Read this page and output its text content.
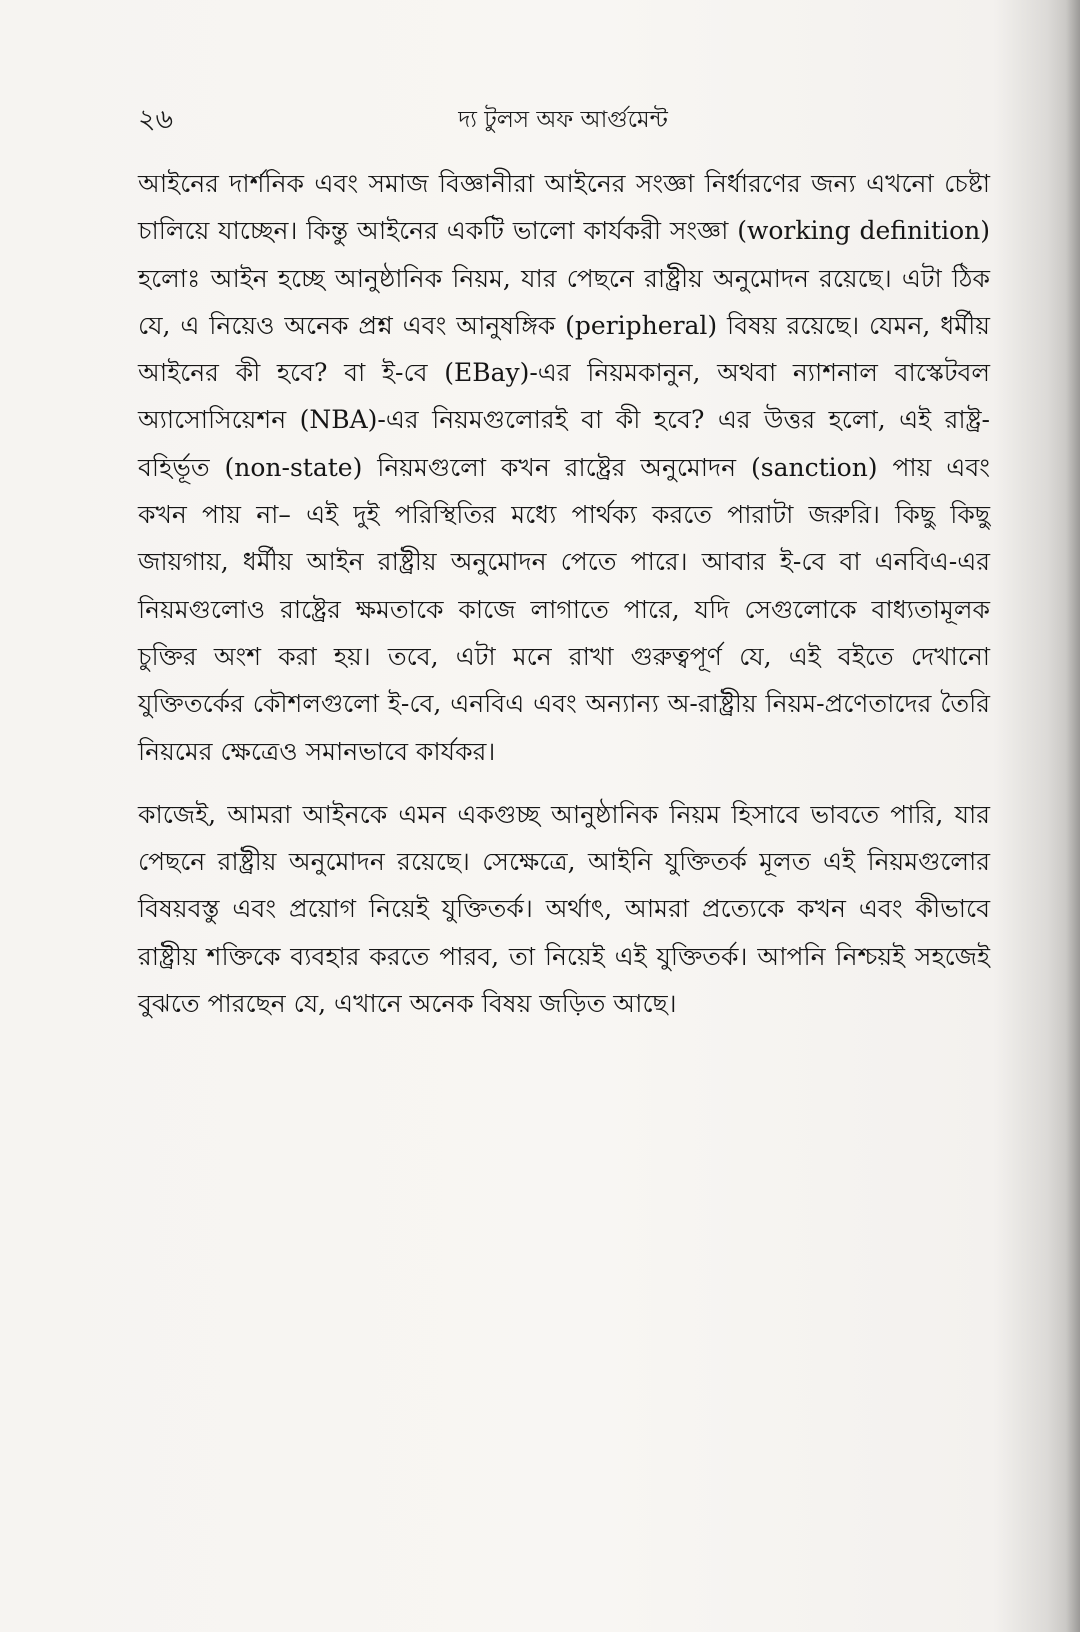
২৬	দ্য টুলস অফ আর্গুমেন্ট

আইনের দার্শনিক এবং সমাজ বিজ্ঞানীরা আইনের সংজ্ঞা নির্ধারণের জন্য এখনো চেষ্টা চালিয়ে যাচ্ছেন। কিন্তু আইনের একটি ভালো কার্যকরী সংজ্ঞা (working definition) হলোঃ আইন হচ্ছে আনুষ্ঠানিক নিয়ম, যার পেছনে রাষ্ট্রীয় অনুমোদন রয়েছে। এটা ঠিক যে, এ নিয়েও অনেক প্রশ্ন এবং আনুষঙ্গিক (peripheral) বিষয় রয়েছে। যেমন, ধর্মীয় আইনের কী হবে? বা ই-বে (EBay)-এর নিয়মকানুন, অথবা ন্যাশনাল বাস্কেটবল অ্যাসোসিয়েশন (NBA)-এর নিয়মগুলোরই বা কী হবে? এর উত্তর হলো, এই রাষ্ট্র-বহির্ভূত (non-state) নিয়মগুলো কখন রাষ্ট্রের অনুমোদন (sanction) পায় এবং কখন পায় না– এই দুই পরিস্থিতির মধ্যে পার্থক্য করতে পারাটা জরুরি। কিছু কিছু জায়গায়, ধর্মীয় আইন রাষ্ট্রীয় অনুমোদন পেতে পারে। আবার ই-বে বা এনবিএ-এর নিয়মগুলোও রাষ্ট্রের ক্ষমতাকে কাজে লাগাতে পারে, যদি সেগুলোকে বাধ্যতামূলক চুক্তির অংশ করা হয়। তবে, এটা মনে রাখা গুরুত্বপূর্ণ যে, এই বইতে দেখানো যুক্তিতর্কের কৌশলগুলো ই-বে, এনবিএ এবং অন্যান্য অ-রাষ্ট্রীয় নিয়ম-প্রণেতাদের তৈরি নিয়মের ক্ষেত্রেও সমানভাবে কার্যকর।

কাজেই, আমরা আইনকে এমন একগুচ্ছ আনুষ্ঠানিক নিয়ম হিসাবে ভাবতে পারি, যার পেছনে রাষ্ট্রীয় অনুমোদন রয়েছে। সেক্ষেত্রে, আইনি যুক্তিতর্ক মূলত এই নিয়মগুলোর বিষয়বস্তু এবং প্রয়োগ নিয়েই যুক্তিতর্ক। অর্থাৎ, আমরা প্রত্যেকে কখন এবং কীভাবে রাষ্ট্রীয় শক্তিকে ব্যবহার করতে পারব, তা নিয়েই এই যুক্তিতর্ক। আপনি নিশ্চয়ই সহজেই বুঝতে পারছেন যে, এখানে অনেক বিষয় জড়িত আছে।
